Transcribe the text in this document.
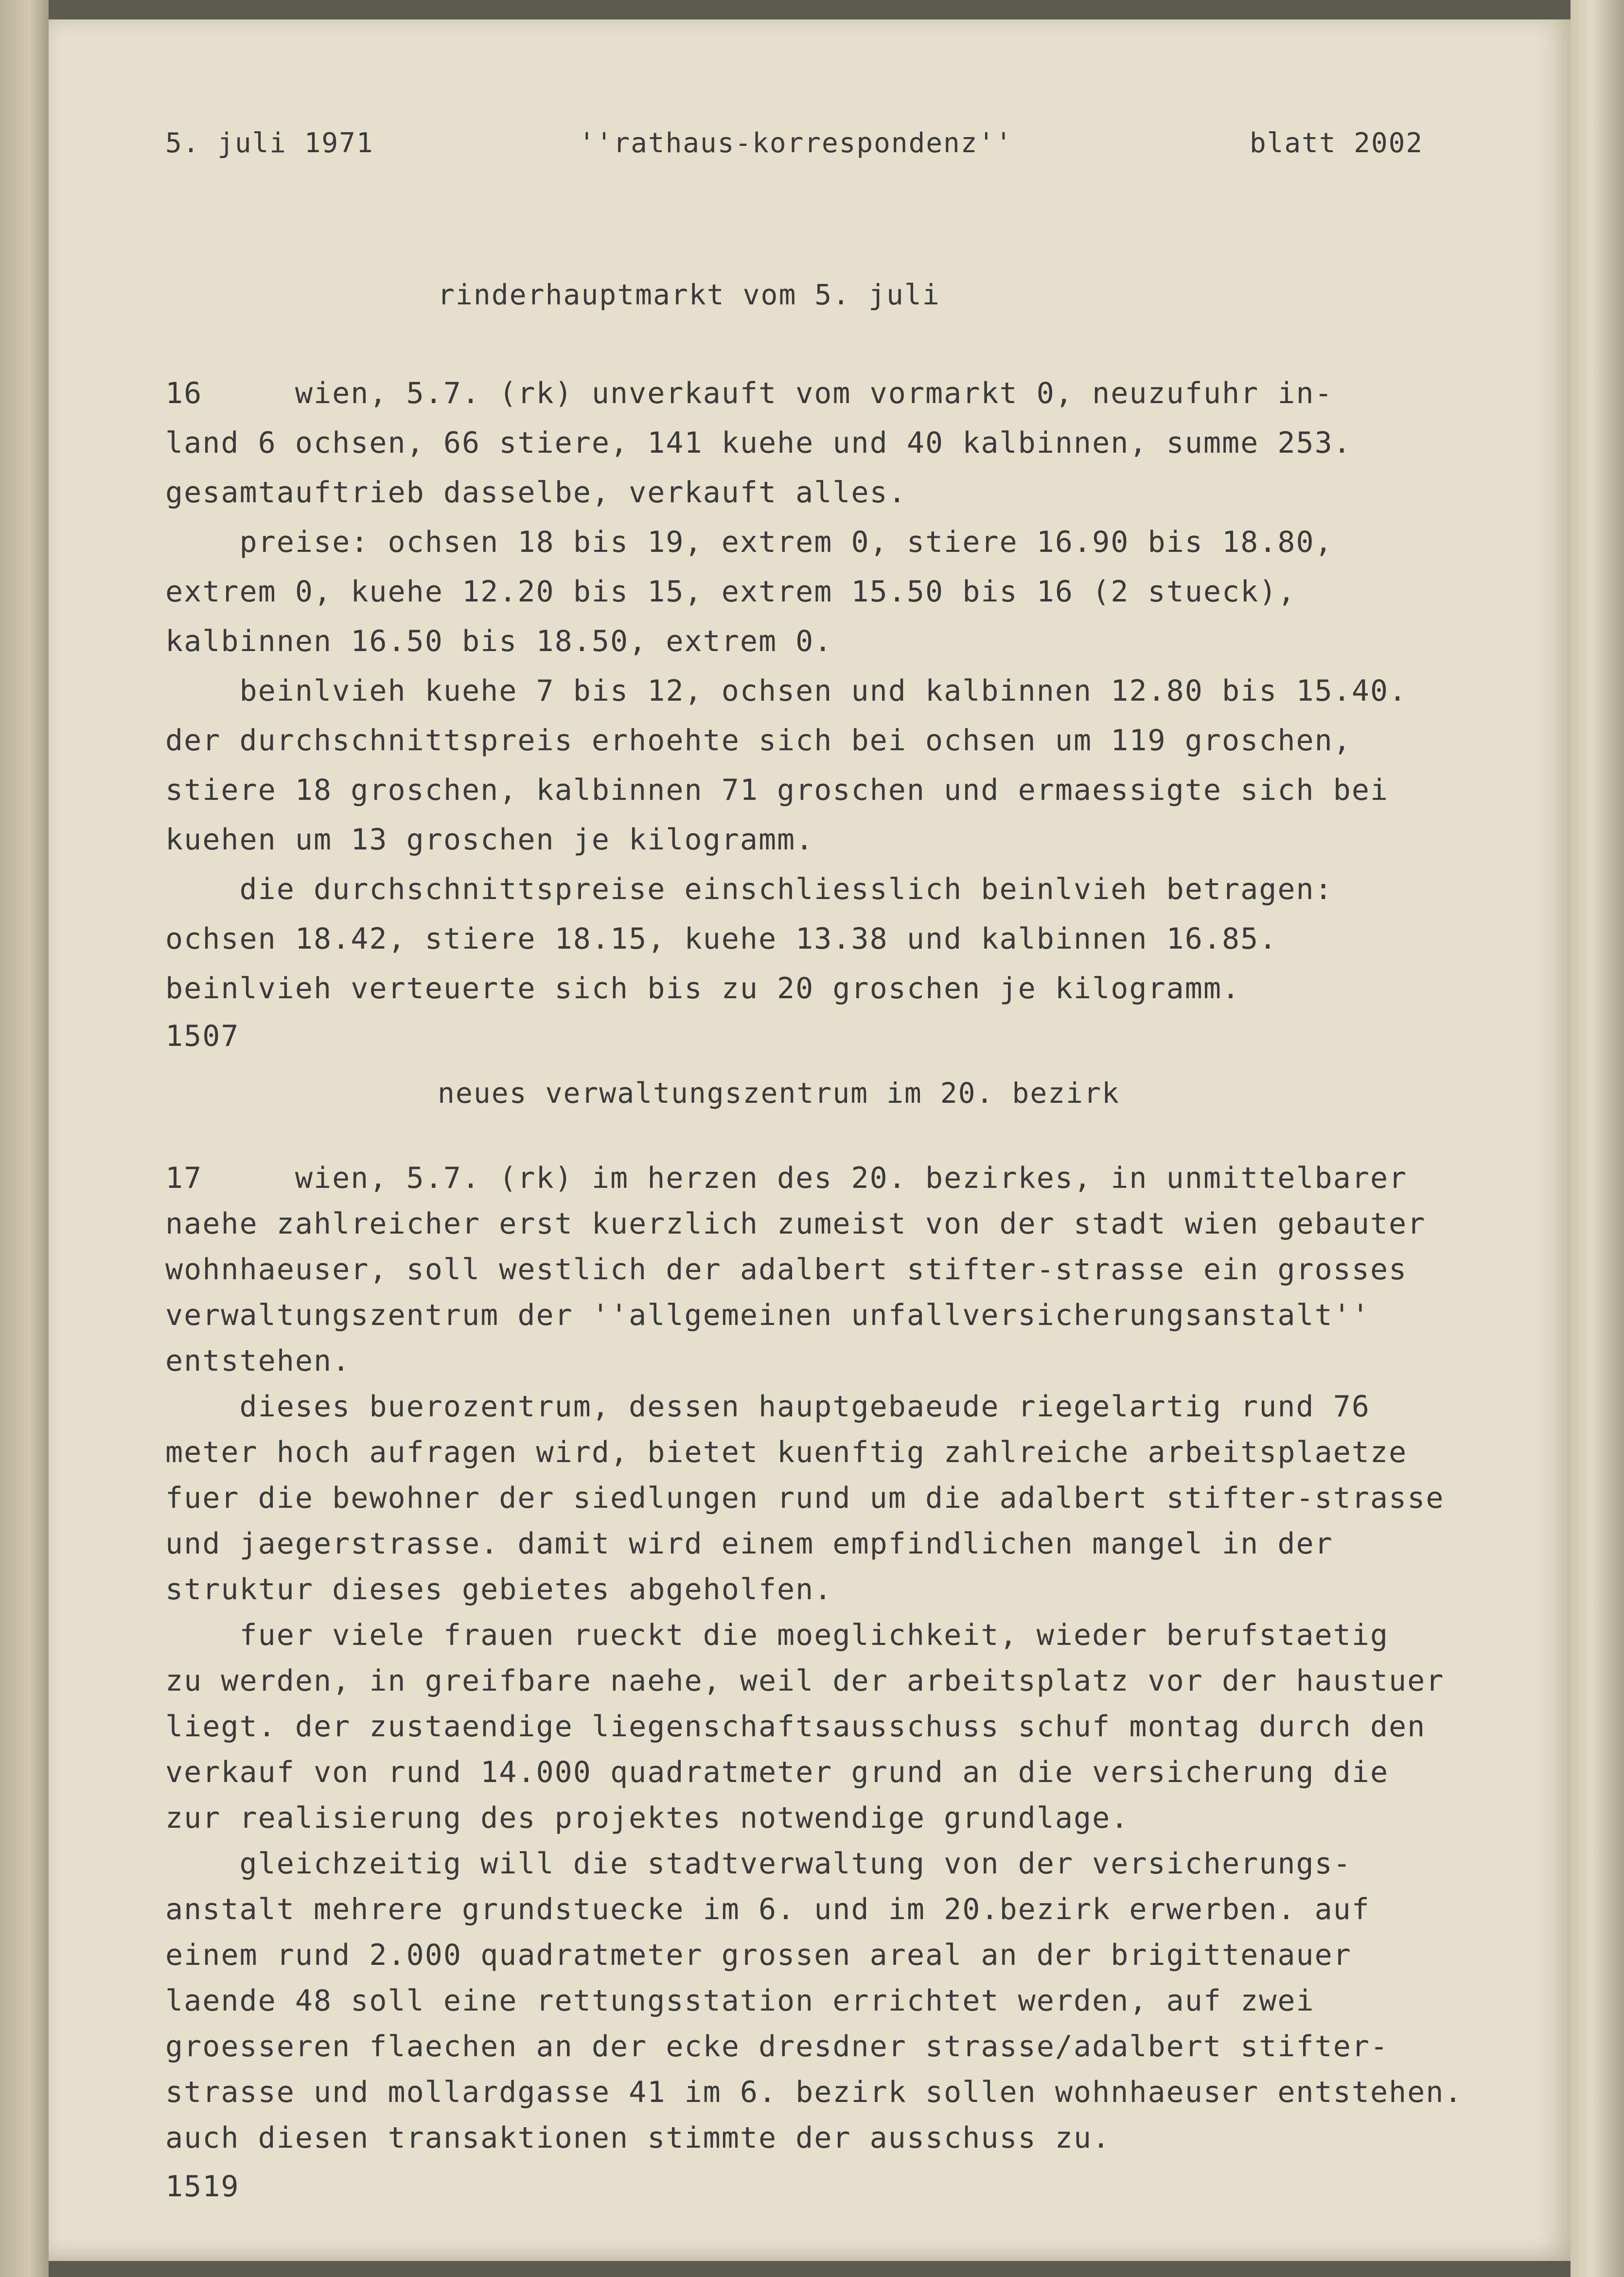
5. juli 1971	''rathaus-korrespondenz''	blatt 2002

rinderhauptmarkt vom 5. juli

16     wien, 5.7. (rk) unverkauft vom vormarkt 0, neuzufuhr in-

land 6 ochsen, 66 stiere, 141 kuehe und 40 kalbinnen, summe 253.

gesamtauftrieb dasselbe, verkauft alles.

preise: ochsen 18 bis 19, extrem 0, stiere 16.90 bis 18.80,

extrem 0, kuehe 12.20 bis 15, extrem 15.50 bis 16 (2 stueck),

kalbinnen 16.50 bis 18.50, extrem 0.

beinlvieh kuehe 7 bis 12, ochsen und kalbinnen 12.80 bis 15.40.

der durchschnittspreis erhoehte sich bei ochsen um 119 groschen,

stiere 18 groschen, kalbinnen 71 groschen und ermaessigte sich bei

kuehen um 13 groschen je kilogramm.

die durchschnittspreise einschliesslich beinlvieh betragen:

ochsen 18.42, stiere 18.15, kuehe 13.38 und kalbinnen 16.85.

beinlvieh verteuerte sich bis zu 20 groschen je kilogramm.

1507

neues verwaltungszentrum im 20. bezirk

17     wien, 5.7. (rk) im herzen des 20. bezirkes, in unmittelbarer

naehe zahlreicher erst kuerzlich zumeist von der stadt wien gebauter

wohnhaeuser, soll westlich der adalbert stifter-strasse ein grosses

verwaltungszentrum der ''allgemeinen unfallversicherungsanstalt''

entstehen.

dieses buerozentrum, dessen hauptgebaeude riegelartig rund 76

meter hoch aufragen wird, bietet kuenftig zahlreiche arbeitsplaetze

fuer die bewohner der siedlungen rund um die adalbert stifter-strasse

und jaegerstrasse. damit wird einem empfindlichen mangel in der

struktur dieses gebietes abgeholfen.

fuer viele frauen rueckt die moeglichkeit, wieder berufstaetig

zu werden, in greifbare naehe, weil der arbeitsplatz vor der haustuer

liegt. der zustaendige liegenschaftsausschuss schuf montag durch den

verkauf von rund 14.000 quadratmeter grund an die versicherung die

zur realisierung des projektes notwendige grundlage.

gleichzeitig will die stadtverwaltung von der versicherungs-

anstalt mehrere grundstuecke im 6. und im 20.bezirk erwerben. auf

einem rund 2.000 quadratmeter grossen areal an der brigittenauer

laende 48 soll eine rettungsstation errichtet werden, auf zwei

groesseren flaechen an der ecke dresdner strasse/adalbert stifter-

strasse und mollardgasse 41 im 6. bezirk sollen wohnhaeuser entstehen.

auch diesen transaktionen stimmte der ausschuss zu.

1519
